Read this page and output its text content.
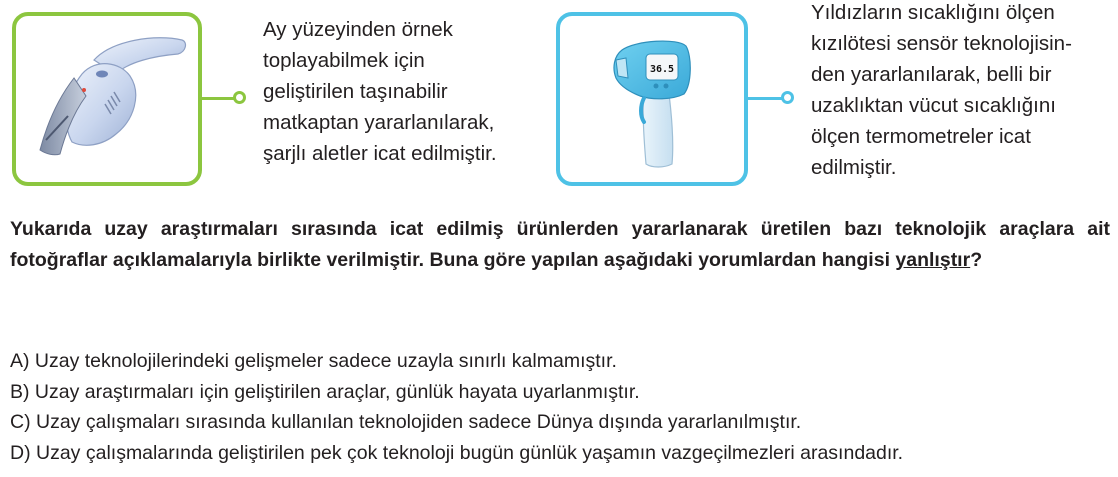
Ay yüzeyinden örnek
toplayabilmek için
geliştirilen taşınabilir
matkaptan yararlanılarak,
şarjlı aletler icat edilmiştir.
36.5
Yıldızların sıcaklığını ölçen
kızılötesi sensör teknolojisin-
den yararlanılarak, belli bir
uzaklıktan vücut sıcaklığını
ölçen termometreler icat
edilmiştir.
Yukarıda uzay araştırmaları sırasında icat edilmiş ürünlerden yararlanarak üretilen bazı teknolojik araçlara ait fotoğraflar açıklamalarıyla birlikte verilmiştir. Buna göre yapılan aşağıdaki yorumlardan hangisi yanlıştır?
A) Uzay teknolojilerindeki gelişmeler sadece uzayla sınırlı kalmamıştır.
B) Uzay araştırmaları için geliştirilen araçlar, günlük hayata uyarlanmıştır.
C) Uzay çalışmaları sırasında kullanılan teknolojiden sadece Dünya dışında yararlanılmıştır.
D) Uzay çalışmalarında geliştirilen pek çok teknoloji bugün günlük yaşamın vazgeçilmezleri arasındadır.
